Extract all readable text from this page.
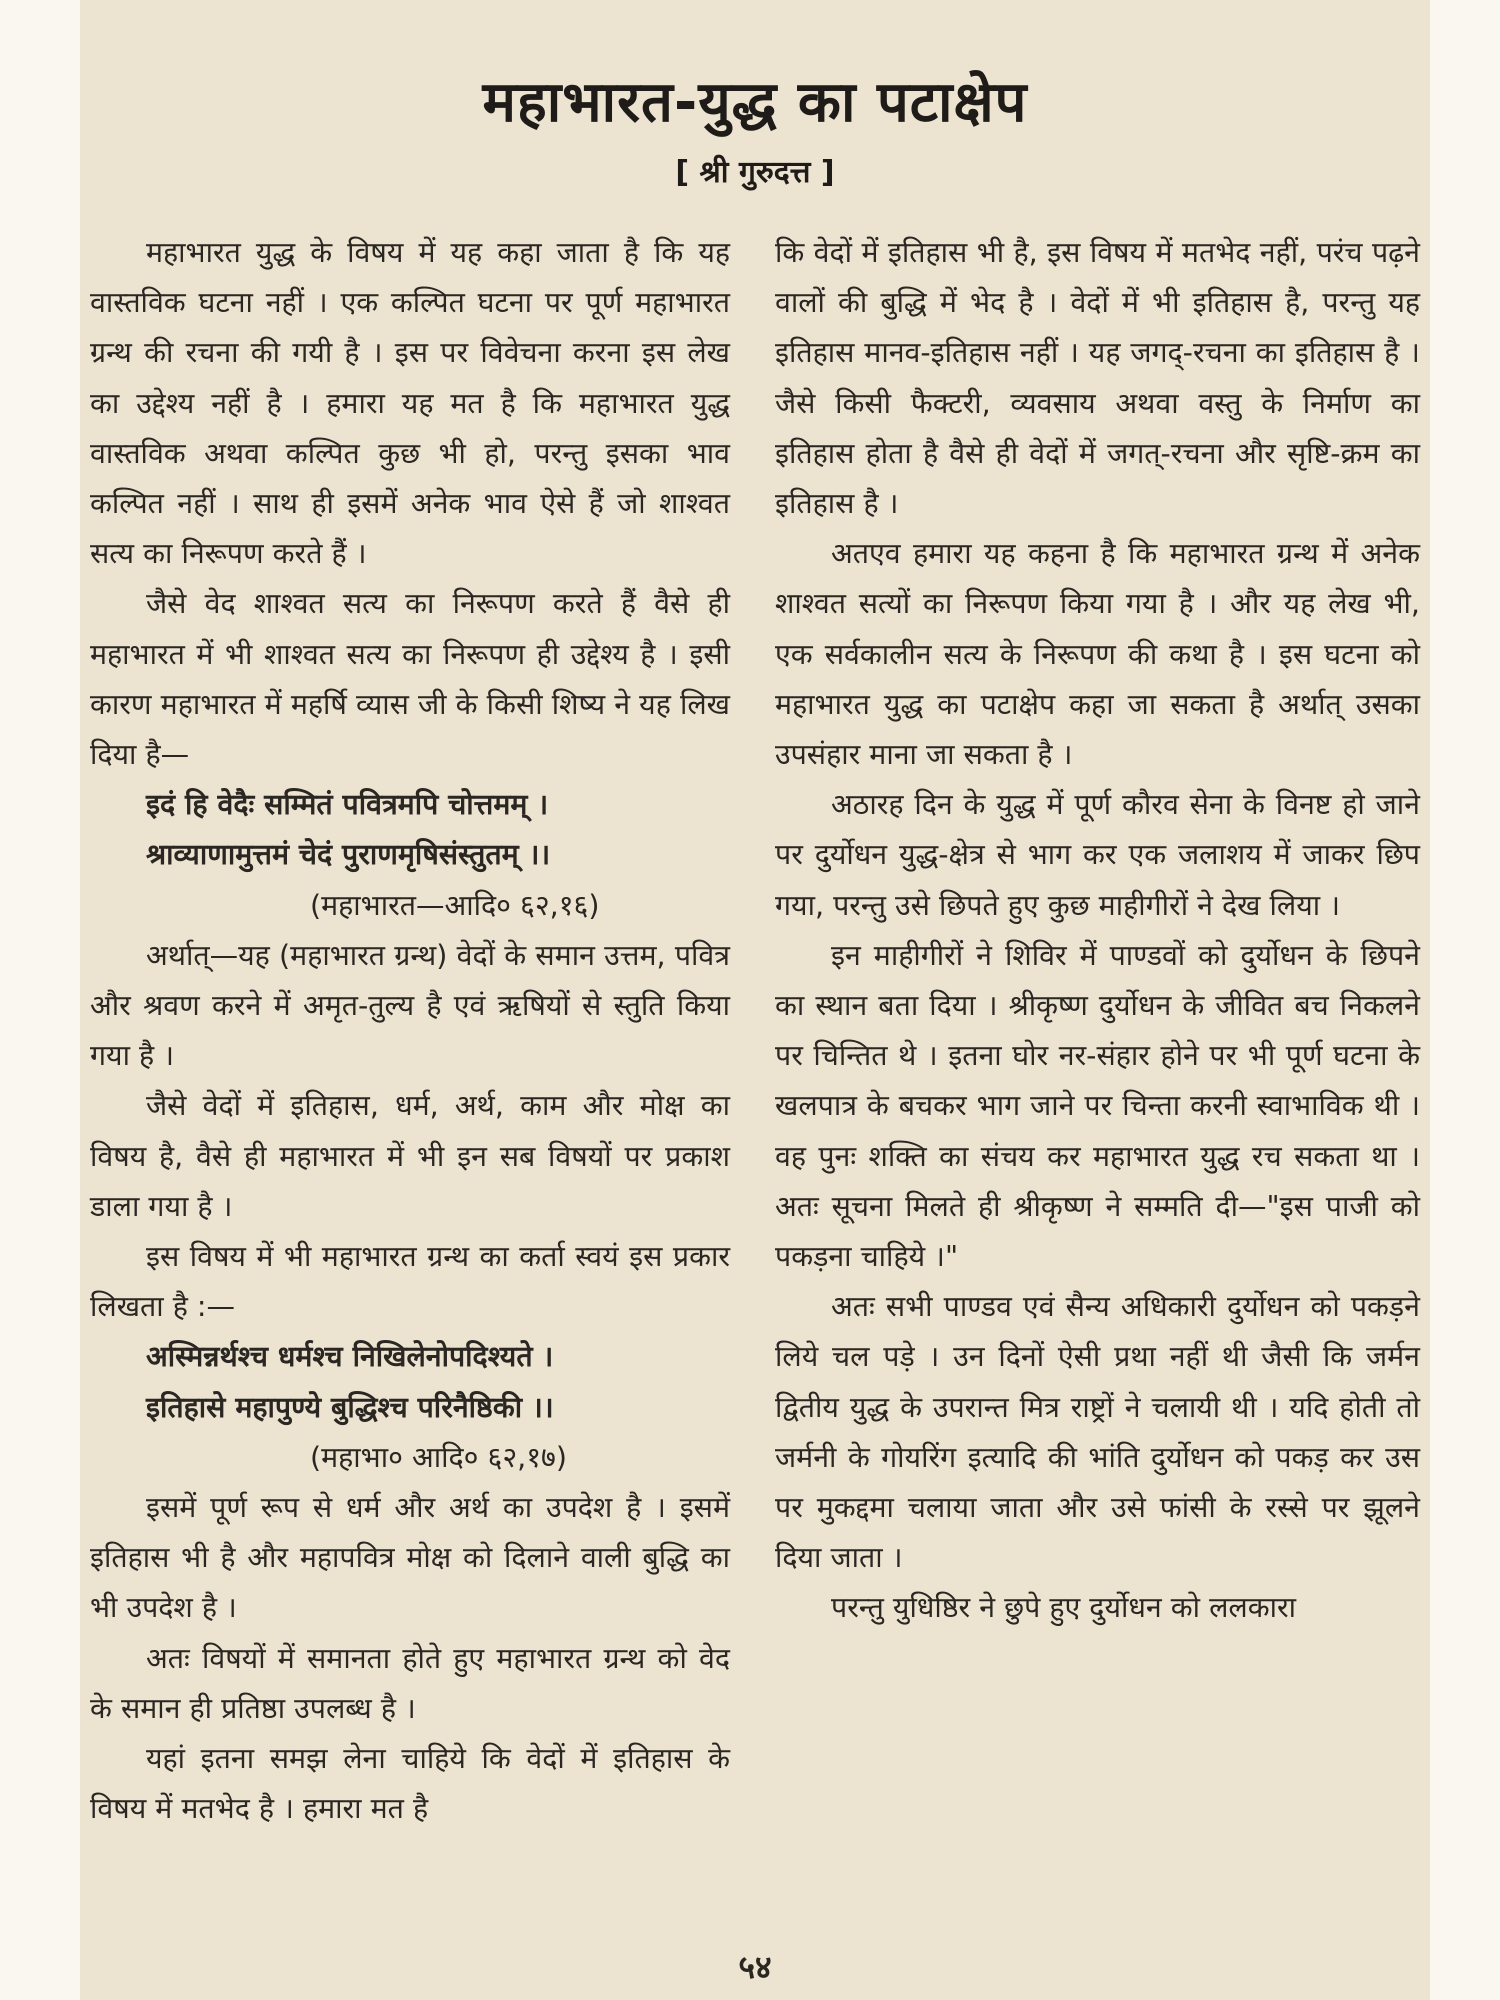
महाभारत-युद्ध का पटाक्षेप
[ श्री गुरुदत्त ]

महाभारत युद्ध के विषय में यह कहा जाता है कि यह वास्तविक घटना नहीं । एक कल्पित घटना पर पूर्ण महाभारत ग्रन्थ की रचना की गयी है । इस पर विवेचना करना इस लेख का उद्देश्य नहीं है । हमारा यह मत है कि महाभारत युद्ध वास्तविक अथवा कल्पित कुछ भी हो, परन्तु इसका भाव कल्पित नहीं । साथ ही इसमें अनेक भाव ऐसे हैं जो शाश्वत सत्य का निरूपण करते हैं ।

जैसे वेद शाश्वत सत्य का निरूपण करते हैं वैसे ही महाभारत में भी शाश्वत सत्य का निरूपण ही उद्देश्य है । इसी कारण महाभारत में महर्षि व्यास जी के किसी शिष्य ने यह लिख दिया है—

इदं हि वेदैः सम्मितं पवित्रमपि चोत्तमम् ।

श्राव्याणामुत्तमं चेदं पुराणमृषिसंस्तुतम् ।।

(महाभारत—आदि० ६२,१६)

अर्थात्—यह (महाभारत ग्रन्थ) वेदों के समान उत्तम, पवित्र और श्रवण करने में अमृत-तुल्य है एवं ऋषियों से स्तुति किया गया है ।

जैसे वेदों में इतिहास, धर्म, अर्थ, काम और मोक्ष का विषय है, वैसे ही महाभारत में भी इन सब विषयों पर प्रकाश डाला गया है ।

इस विषय में भी महाभारत ग्रन्थ का कर्ता स्वयं इस प्रकार लिखता है :—

अस्मिन्नर्थश्च धर्मश्च निखिलेनोपदिश्यते ।

इतिहासे महापुण्ये बुद्धिश्च परिनैष्ठिकी ।।

(महाभा० आदि० ६२,१७)

इसमें पूर्ण रूप से धर्म और अर्थ का उपदेश है । इसमें इतिहास भी है और महापवित्र मोक्ष को दिलाने वाली बुद्धि का भी उपदेश है ।

अतः विषयों में समानता होते हुए महाभारत ग्रन्थ को वेद के समान ही प्रतिष्ठा उपलब्ध है ।

यहां इतना समझ लेना चाहिये कि वेदों में इतिहास के विषय में मतभेद है । हमारा मत है

कि वेदों में इतिहास भी है, इस विषय में मतभेद नहीं, परंच पढ़ने वालों की बुद्धि में भेद है । वेदों में भी इतिहास है, परन्तु यह इतिहास मानव-इतिहास नहीं । यह जगद्-रचना का इतिहास है । जैसे किसी फैक्टरी, व्यवसाय अथवा वस्तु के निर्माण का इतिहास होता है वैसे ही वेदों में जगत्-रचना और सृष्टि-क्रम का इतिहास है ।

अतएव हमारा यह कहना है कि महाभारत ग्रन्थ में अनेक शाश्वत सत्यों का निरूपण किया गया है । और यह लेख भी, एक सर्वकालीन सत्य के निरूपण की कथा है । इस घटना को महाभारत युद्ध का पटाक्षेप कहा जा सकता है अर्थात् उसका उपसंहार माना जा सकता है ।

अठारह दिन के युद्ध में पूर्ण कौरव सेना के विनष्ट हो जाने पर दुर्योधन युद्ध-क्षेत्र से भाग कर एक जलाशय में जाकर छिप गया, परन्तु उसे छिपते हुए कुछ माहीगीरों ने देख लिया ।

इन माहीगीरों ने शिविर में पाण्डवों को दुर्योधन के छिपने का स्थान बता दिया । श्रीकृष्ण दुर्योधन के जीवित बच निकलने पर चिन्तित थे । इतना घोर नर-संहार होने पर भी पूर्ण घटना के खलपात्र के बचकर भाग जाने पर चिन्ता करनी स्वाभाविक थी । वह पुनः शक्ति का संचय कर महाभारत युद्ध रच सकता था । अतः सूचना मिलते ही श्रीकृष्ण ने सम्मति दी—"इस पाजी को पकड़ना चाहिये ।"

अतः सभी पाण्डव एवं सैन्य अधिकारी दुर्योधन को पकड़ने लिये चल पड़े । उन दिनों ऐसी प्रथा नहीं थी जैसी कि जर्मन द्वितीय युद्ध के उपरान्त मित्र राष्ट्रों ने चलायी थी । यदि होती तो जर्मनी के गोयरिंग इत्यादि की भांति दुर्योधन को पकड़ कर उस पर मुकद्दमा चलाया जाता और उसे फांसी के रस्से पर झूलने दिया जाता ।

परन्तु युधिष्ठिर ने छुपे हुए दुर्योधन को ललकारा

५४
